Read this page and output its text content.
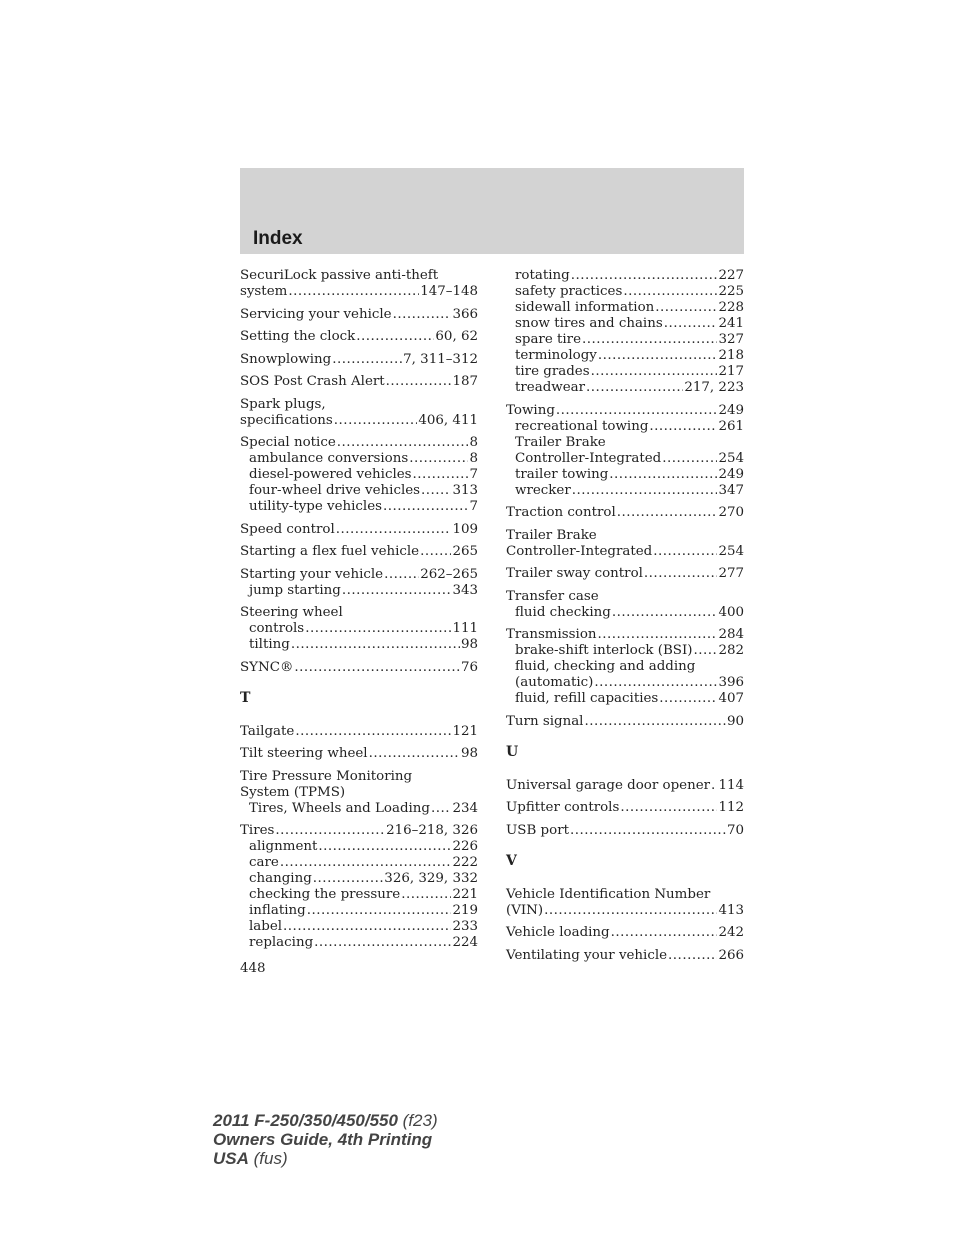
Index
SecuriLock passive anti-theft
system .....	147–148
Servicing your vehicle .....	366
Setting the clock .....	60, 62
Snowplowing .....	7, 311–312
SOS Post Crash Alert .....	187
Spark plugs,
specifications .....	406, 411
Special notice .....	8
ambulance conversions .....	8
diesel-powered vehicles .....	7
four-wheel drive vehicles ..... 313
utility-type vehicles .....	7
Speed control .....	109
Starting a flex fuel vehicle ..... 265
Starting your vehicle .....	262–265
jump starting .....	343
Steering wheel
controls .....	111
tilting .....	98
SYNC® .....	76
T
Tailgate .....	121
Tilt steering wheel .....	98
Tire Pressure Monitoring
System (TPMS)
Tires, Wheels and Loading ..... 234
Tires .....	216–218, 326
alignment .....	226
care .....	222
changing .....	326, 329, 332
checking the pressure .....	221
inflating .....	219
label .....	233
replacing .....	224
rotating .....	227
safety practices .....	225
sidewall information .....	228
snow tires and chains .....	241
spare tire .....	327
terminology .....	218
tire grades .....	217
treadwear .....	217, 223
Towing .....	249
recreational towing .....	261
Trailer Brake
Controller-Integrated .....	254
trailer towing .....	249
wrecker .....	347
Traction control .....	270
Trailer Brake
Controller-Integrated .....	254
Trailer sway control .....	277
Transfer case
fluid checking .....	400
Transmission .....	284
brake-shift interlock (BSI) ..... 282
fluid, checking and adding
(automatic) .....	396
fluid, refill capacities .....	407
Turn signal .....	90
U
Universal garage door opener ..... 114
Upfitter controls .....	112
USB port .....	70
V
Vehicle Identification Number
(VIN) .....	413
Vehicle loading .....	242
Ventilating your vehicle .....	266
448
2011 F-250/350/450/550 (f23)
Owners Guide, 4th Printing
USA (fus)
